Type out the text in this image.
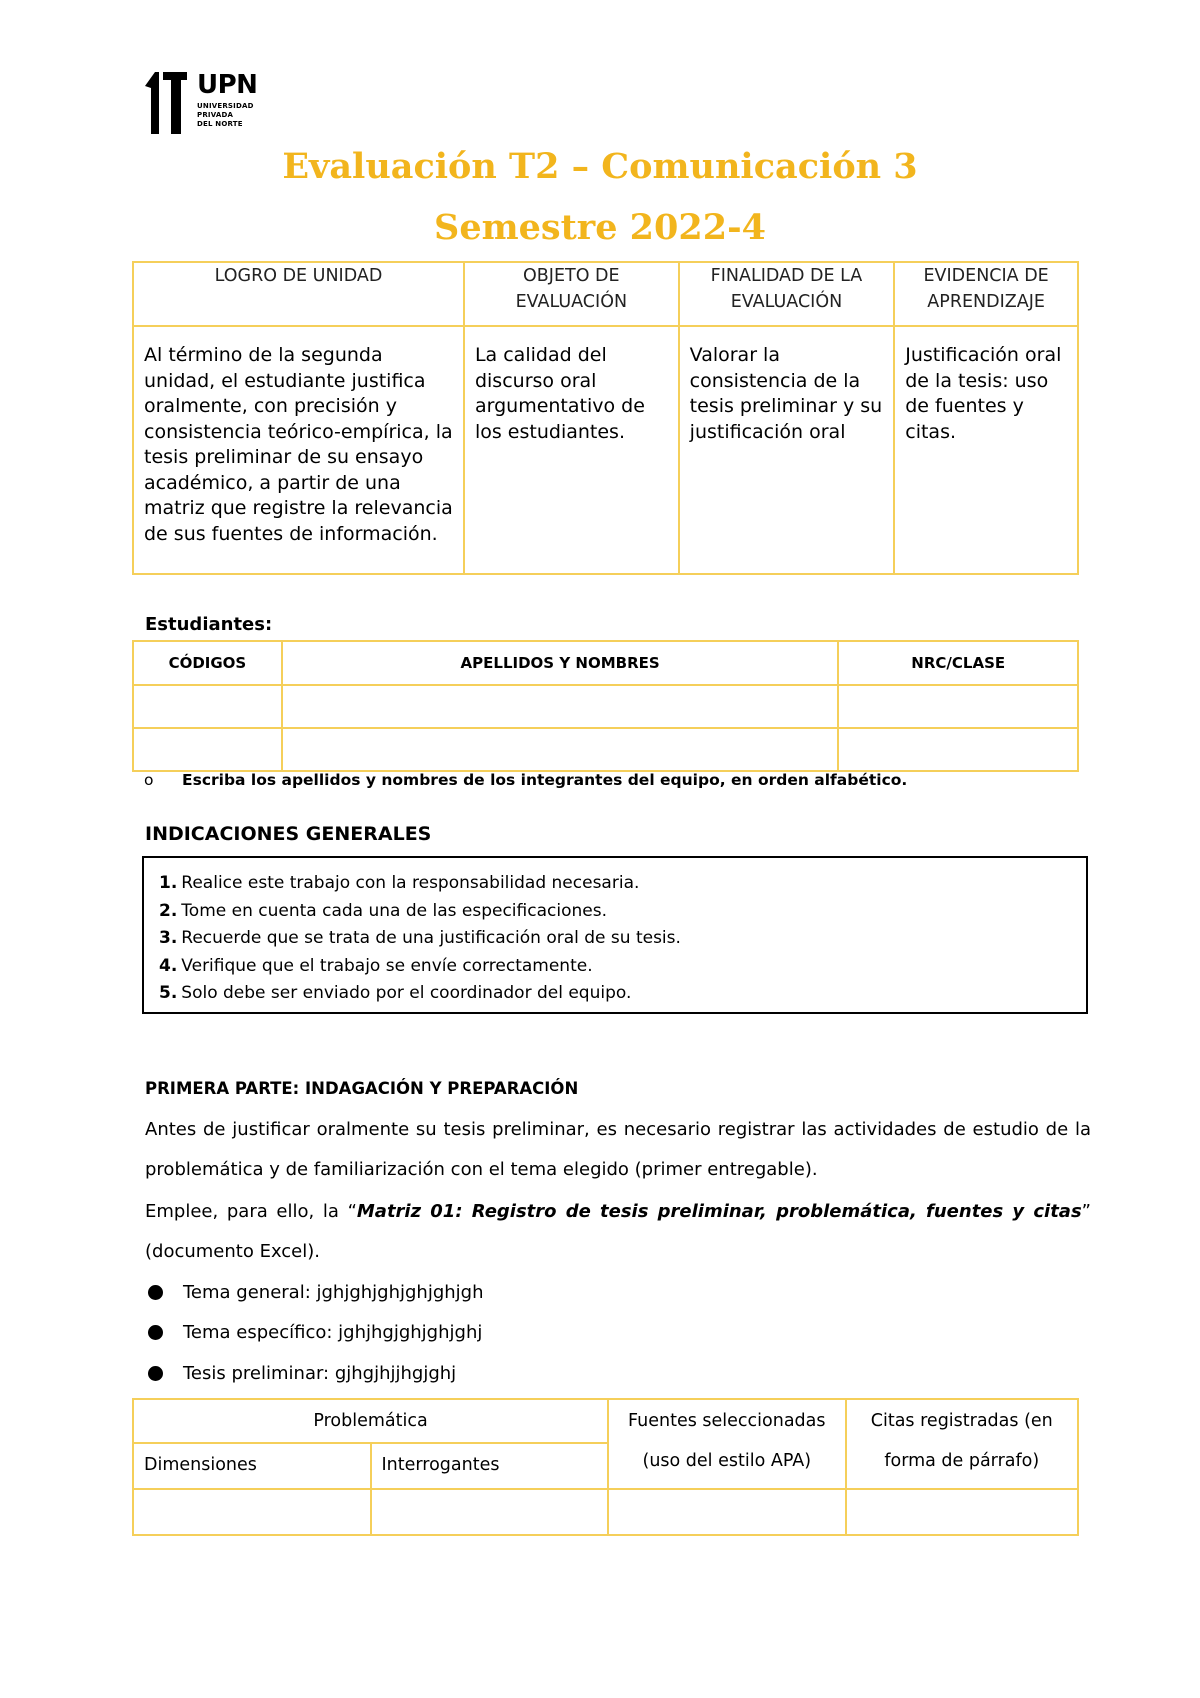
UPN
UNIVERSIDAD
PRIVADA
DEL NORTE
Evaluación T2 – Comunicación 3
Semestre 2022-4
LOGRO DE UNIDAD	OBJETO DE EVALUACIÓN	FINALIDAD DE LA EVALUACIÓN	EVIDENCIA DE APRENDIZAJE
Al término de la segunda unidad, el estudiante justifica oralmente, con precisión y consistencia teórico-empírica, la tesis preliminar de su ensayo académico, a partir de una matriz que registre la relevancia de sus fuentes de información.	La calidad del discurso oral argumentativo de los estudiantes.	Valorar la consistencia de la tesis preliminar y su justificación oral	Justificación oral de la tesis: uso de fuentes y citas.
Estudiantes:
CÓDIGOS	APELLIDOS Y NOMBRES	NRC/CLASE

o	Escriba los apellidos y nombres de los integrantes del equipo, en orden alfabético.
INDICACIONES GENERALES
1. Realice este trabajo con la responsabilidad necesaria.
2. Tome en cuenta cada una de las especificaciones.
3. Recuerde que se trata de una justificación oral de su tesis.
4. Verifique que el trabajo se envíe correctamente.
5. Solo debe ser enviado por el coordinador del equipo.
PRIMERA PARTE: INDAGACIÓN Y PREPARACIÓN
Antes de justificar oralmente su tesis preliminar, es necesario registrar las actividades de estudio de la problemática y de familiarización con el tema elegido (primer entregable).
Emplee, para ello, la “Matriz 01: Registro de tesis preliminar, problemática, fuentes y citas” (documento Excel).
Tema general: jghjghjghjghjghjgh
Tema específico: jghjhgjghjghjghj
Tesis preliminar: gjhgjhjjhgjghj
Problemática		Fuentes seleccionadas (uso del estilo APA)	Citas registradas (en forma de párrafo)
Dimensiones	Interrogantes		
